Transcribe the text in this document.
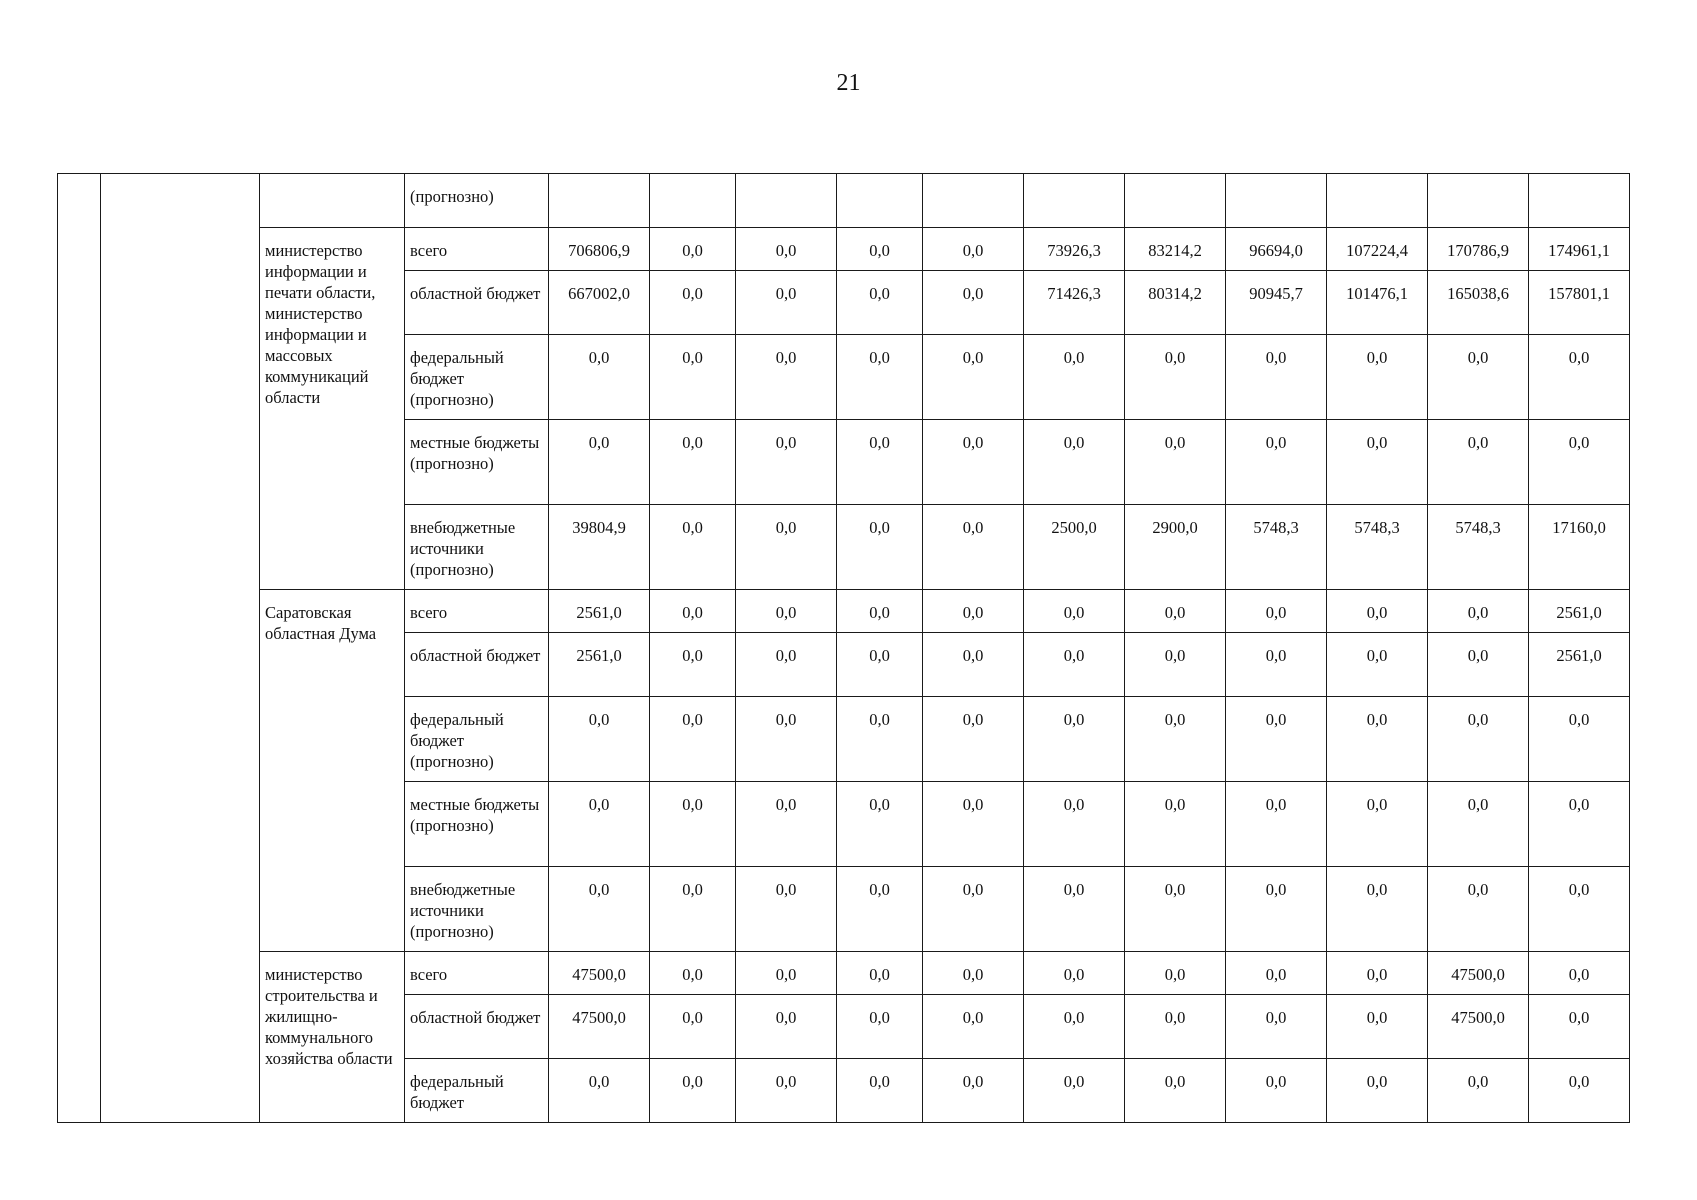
21
			(прогнозно)											
		министерство информации и печати области, министерство информации и массовых коммуникаций области	всего	706806,9	0,0	0,0	0,0	0,0	73926,3	83214,2	96694,0	107224,4	170786,9	174961,1
			областной бюджет	667002,0	0,0	0,0	0,0	0,0	71426,3	80314,2	90945,7	101476,1	165038,6	157801,1
			федеральный бюджет (прогнозно)	0,0	0,0	0,0	0,0	0,0	0,0	0,0	0,0	0,0	0,0	0,0
			местные бюджеты (прогнозно)	0,0	0,0	0,0	0,0	0,0	0,0	0,0	0,0	0,0	0,0	0,0
			внебюджетные источники (прогнозно)	39804,9	0,0	0,0	0,0	0,0	2500,0	2900,0	5748,3	5748,3	5748,3	17160,0
		Саратовская областная Дума	всего	2561,0	0,0	0,0	0,0	0,0	0,0	0,0	0,0	0,0	0,0	2561,0
			областной бюджет	2561,0	0,0	0,0	0,0	0,0	0,0	0,0	0,0	0,0	0,0	2561,0
			федеральный бюджет (прогнозно)	0,0	0,0	0,0	0,0	0,0	0,0	0,0	0,0	0,0	0,0	0,0
			местные бюджеты (прогнозно)	0,0	0,0	0,0	0,0	0,0	0,0	0,0	0,0	0,0	0,0	0,0
			внебюджетные источники (прогнозно)	0,0	0,0	0,0	0,0	0,0	0,0	0,0	0,0	0,0	0,0	0,0
		министерство строительства и жилищно-коммунального хозяйства области	всего	47500,0	0,0	0,0	0,0	0,0	0,0	0,0	0,0	0,0	47500,0	0,0
			областной бюджет	47500,0	0,0	0,0	0,0	0,0	0,0	0,0	0,0	0,0	47500,0	0,0
			федеральный бюджет	0,0	0,0	0,0	0,0	0,0	0,0	0,0	0,0	0,0	0,0	0,0
